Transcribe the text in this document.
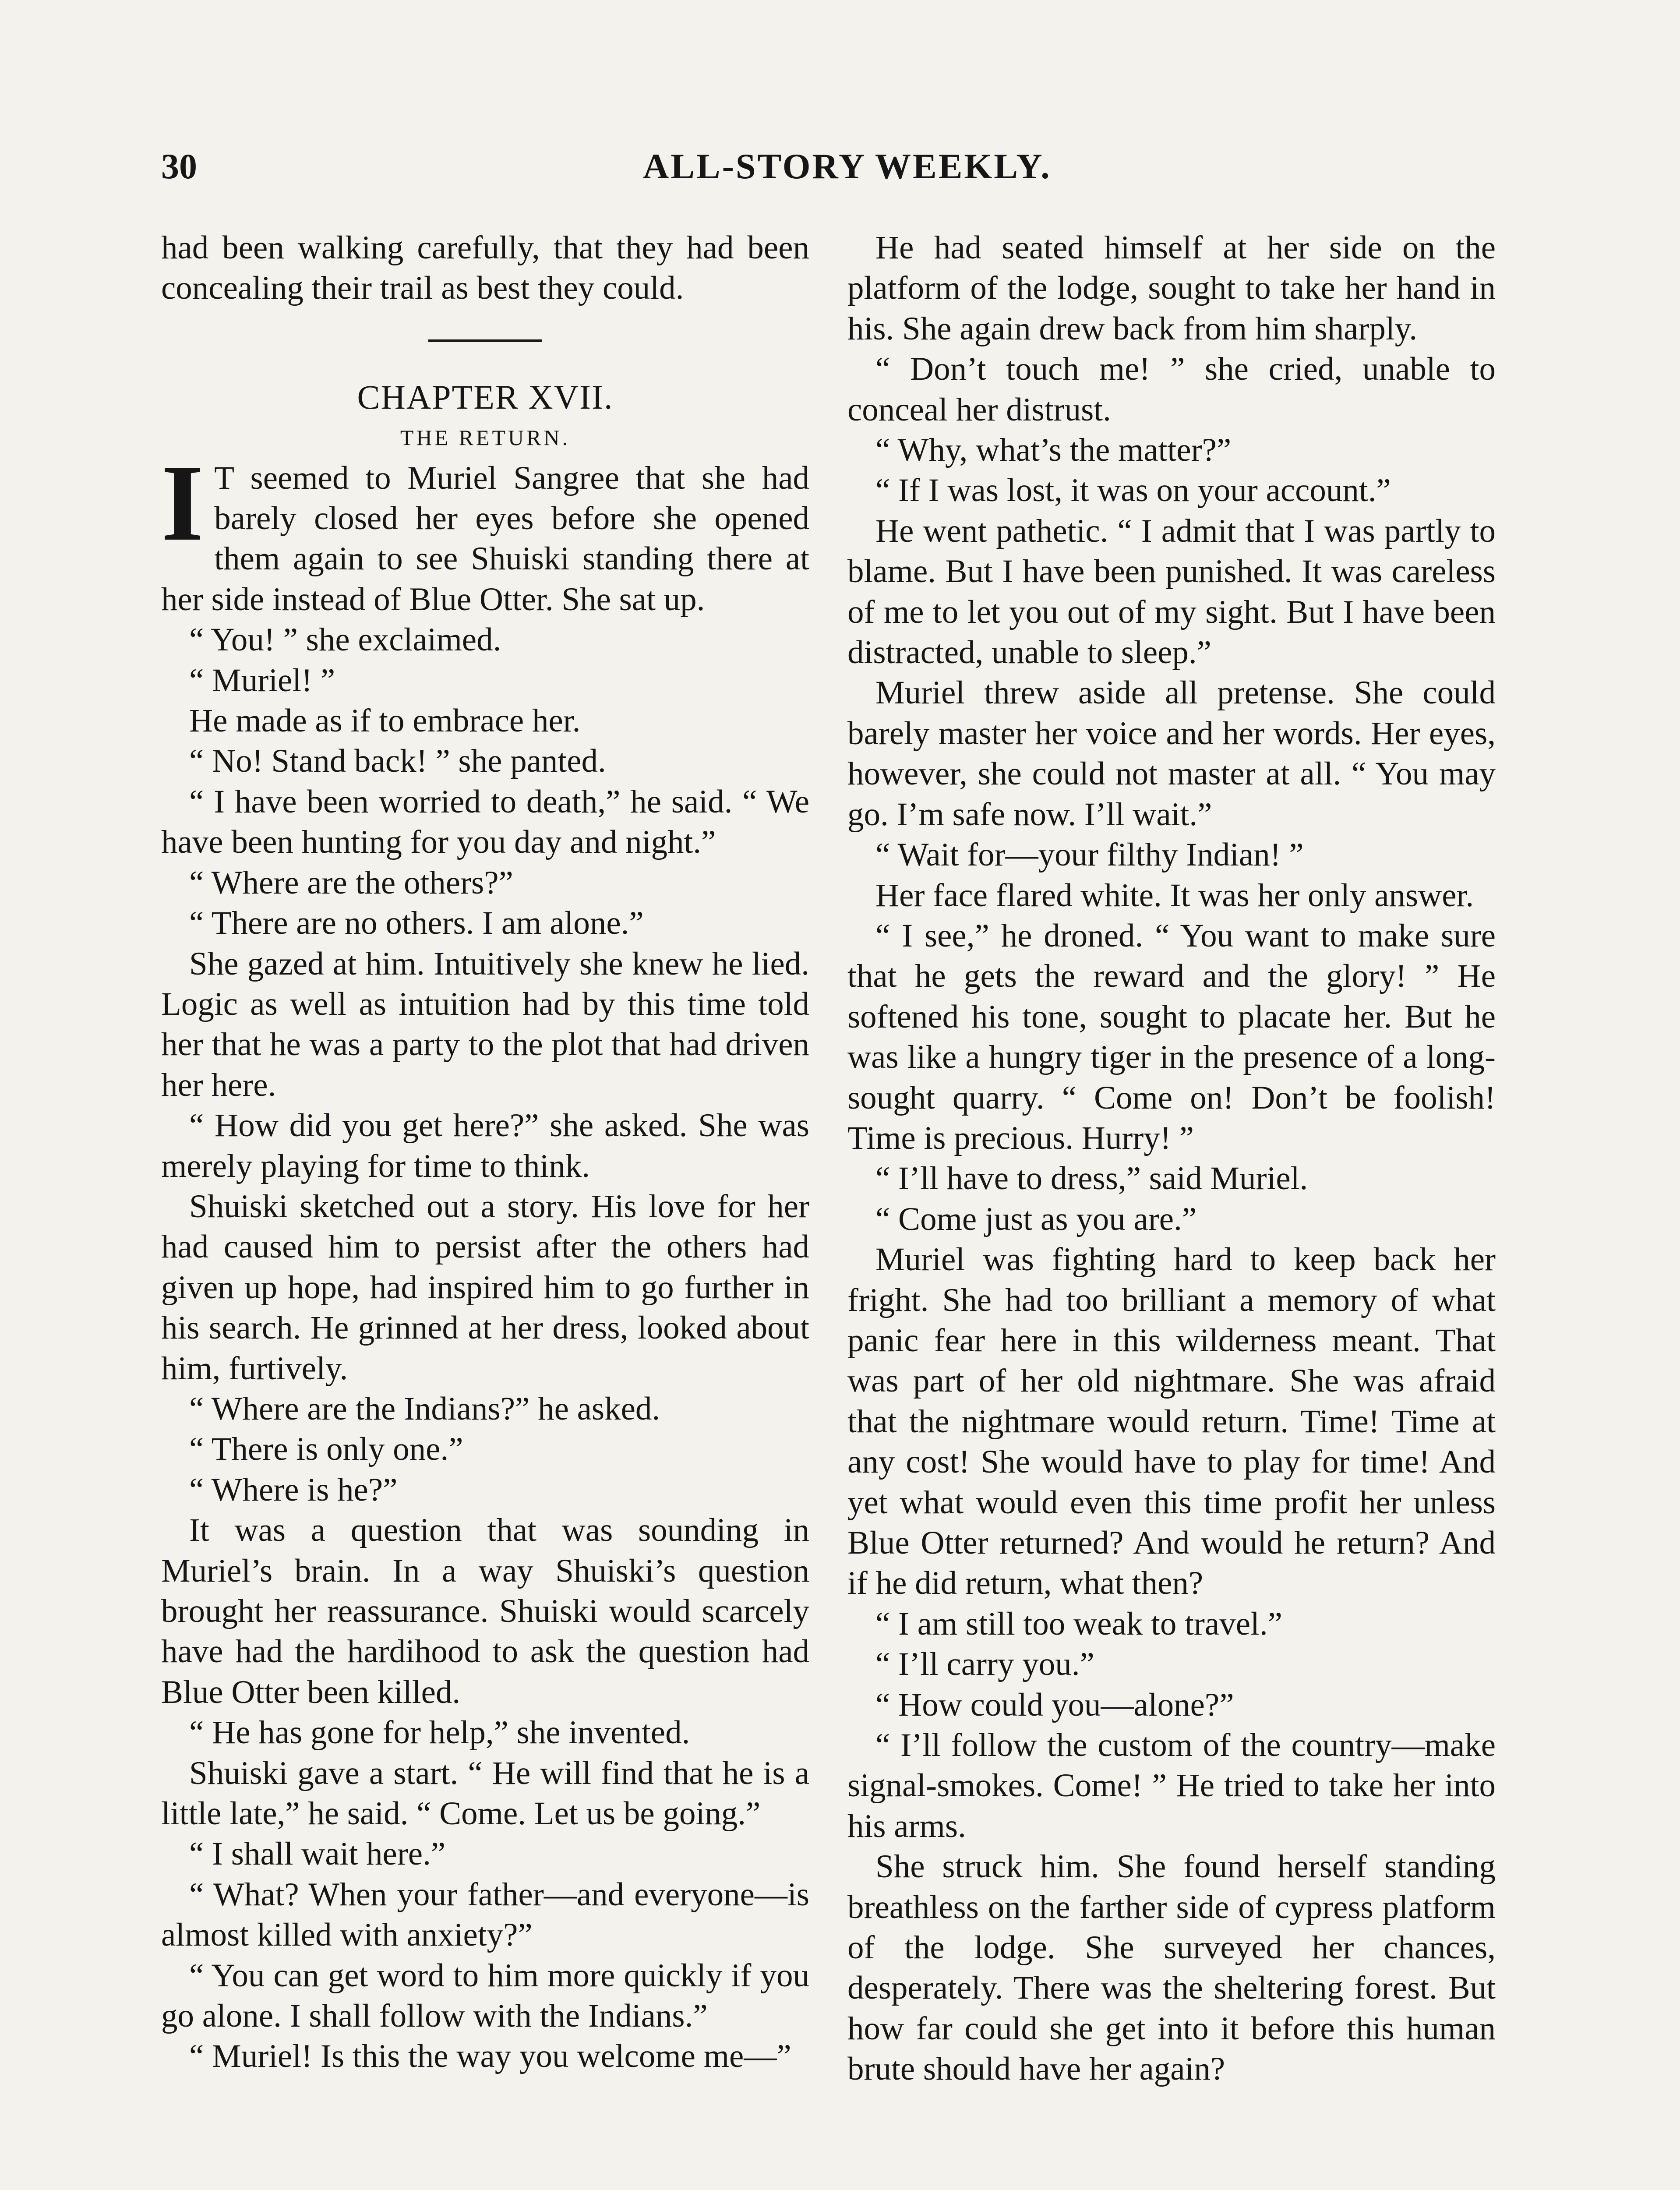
30	ALL-STORY WEEKLY.

had been walking carefully, that they had been concealing their trail as best they could.

CHAPTER XVII.

THE RETURN.

I T seemed to Muriel Sangree that she had barely closed her eyes before she opened them again to see Shuiski standing there at her side instead of Blue Otter. She sat up.

“ You! ” she exclaimed.

“ Muriel! ”

He made as if to embrace her.

“ No! Stand back! ” she panted.

“ I have been worried to death,” he said. “ We have been hunting for you day and night.”

“ Where are the others?”

“ There are no others. I am alone.”

She gazed at him. Intuitively she knew he lied. Logic as well as intuition had by this time told her that he was a party to the plot that had driven her here.

“ How did you get here?” she asked. She was merely playing for time to think.

Shuiski sketched out a story. His love for her had caused him to persist after the others had given up hope, had inspired him to go further in his search. He grinned at her dress, looked about him, furtively.

“ Where are the Indians?” he asked.

“ There is only one.”

“ Where is he?”

It was a question that was sounding in Muriel’s brain. In a way Shuiski’s question brought her reassurance. Shuiski would scarcely have had the hardihood to ask the question had Blue Otter been killed.

“ He has gone for help,” she invented.

Shuiski gave a start. “ He will find that he is a little late,” he said. “ Come. Let us be going.”

“ I shall wait here.”

“ What? When your father—and everyone—is almost killed with anxiety?”

“ You can get word to him more quickly if you go alone. I shall follow with the Indians.”

“ Muriel! Is this the way you welcome me—”

He had seated himself at her side on the platform of the lodge, sought to take her hand in his. She again drew back from him sharply.

“ Don’t touch me! ” she cried, unable to conceal her distrust.

“ Why, what’s the matter?”

“ If I was lost, it was on your account.”

He went pathetic. “ I admit that I was partly to blame. But I have been punished. It was careless of me to let you out of my sight. But I have been distracted, unable to sleep.”

Muriel threw aside all pretense. She could barely master her voice and her words. Her eyes, however, she could not master at all. “ You may go. I’m safe now. I’ll wait.”

“ Wait for—your filthy Indian! ”

Her face flared white. It was her only answer.

“ I see,” he droned. “ You want to make sure that he gets the reward and the glory! ” He softened his tone, sought to placate her. But he was like a hungry tiger in the presence of a long-sought quarry. “ Come on! Don’t be foolish! Time is precious. Hurry! ”

“ I’ll have to dress,” said Muriel.

“ Come just as you are.”

Muriel was fighting hard to keep back her fright. She had too brilliant a memory of what panic fear here in this wilderness meant. That was part of her old nightmare. She was afraid that the nightmare would return. Time! Time at any cost! She would have to play for time! And yet what would even this time profit her unless Blue Otter returned? And would he return? And if he did return, what then?

“ I am still too weak to travel.”

“ I’ll carry you.”

“ How could you—alone?”

“ I’ll follow the custom of the country—make signal-smokes. Come! ” He tried to take her into his arms.

She struck him. She found herself standing breathless on the farther side of cypress platform of the lodge. She surveyed her chances, desperately. There was the sheltering forest. But how far could she get into it before this human brute should have her again?
